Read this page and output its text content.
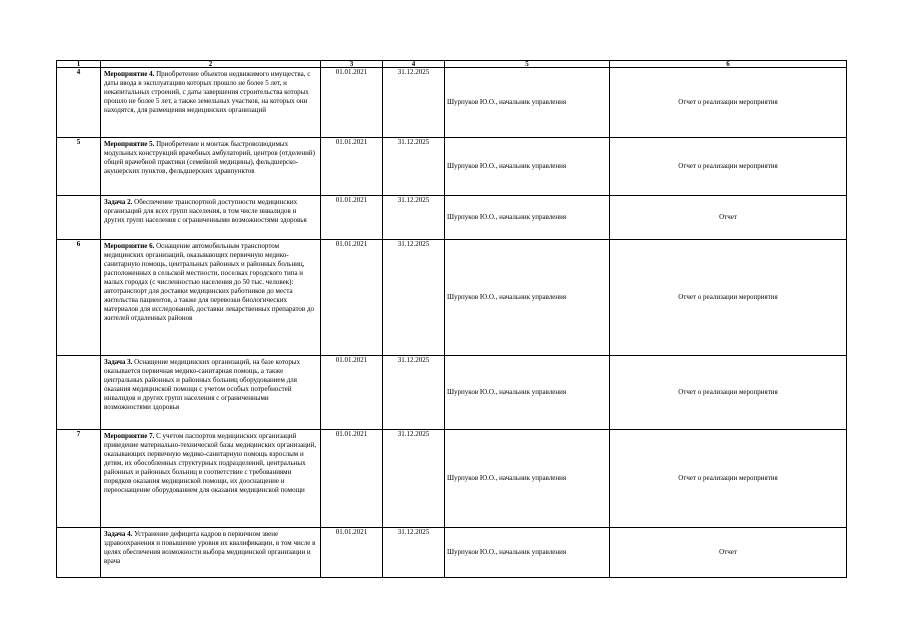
1	2	3	4	5	6
4	Мероприятие 4. Приобретение объектов недвижимого имущества, с даты ввода в эксплуатацию которых прошло не более 5 лет, и некапитальных строений, с даты завершения строительства которых прошло не более 5 лет, а также земельных участков, на которых они находятся, для размещения медицинских организаций	01.01.2021	31.12.2025	Шурпуков Ю.О., начальник управления	Отчет о реализации мероприятия
5	Мероприятие 5. Приобретение и монтаж быстровозводимых модульных конструкций врачебных амбулаторий, центров (отделений) общей врачебной практики (семейной медицины), фельдшерско-акушерских пунктов, фельдшерских здравпунктов	01.01.2021	31.12.2025	Шурпуков Ю.О., начальник управления	Отчет о реализации мероприятия
	Задача 2. Обеспечение транспортной доступности медицинских организаций для всех групп населения, в том числе инвалидов и других групп населения с ограниченными возможностями здоровья	01.01.2021	31.12.2025	Шурпуков Ю.О., начальник управления	Отчет
6	Мероприятие 6. Оснащение автомобильным транспортом медицинских организаций, оказывающих первичную медико-санитарную помощь, центральных районных и районных больниц, расположенных в сельской местности, поселках городского типа и малых городах (с численностью населения до 50 тыс. человек): автотранспорт для доставки медицинских работников до места жительства пациентов, а также для перевозки биологических материалов для исследований, доставки лекарственных препаратов до жителей отдаленных районов	01.01.2021	31.12.2025	Шурпуков Ю.О., начальник управления	Отчет о реализации мероприятия
	Задача 3. Оснащение медицинских организаций, на базе которых оказывается первичная медико-санитарная помощь, а также центральных районных и районных больниц оборудованием для оказания медицинской помощи с учетом особых потребностей инвалидов и других групп населения с ограниченными возможностями здоровья	01.01.2021	31.12.2025	Шурпуков Ю.О., начальник управления	Отчет о реализации мероприятия
7	Мероприятие 7. С учетом паспортов медицинских организаций приведение материально-технической базы медицинских организаций, оказывающих первичную медико-санитарную помощь взрослым и детям, их обособленных структурных подразделений, центральных районных и районных больниц в соответствие с требованиями порядков оказания медицинской помощи, их дооснащение и переоснащение оборудованием для оказания медицинской помощи	01.01.2021	31.12.2025	Шурпуков Ю.О., начальник управления	Отчет о реализации мероприятия
	Задача 4. Устранение дефицита кадров в первичном звене здравоохранения и повышение уровня их квалификации, в том числе в целях обеспечения возможности выбора медицинской организации и врача	01.01.2021	31.12.2025	Шурпуков Ю.О., начальник управления	Отчет
